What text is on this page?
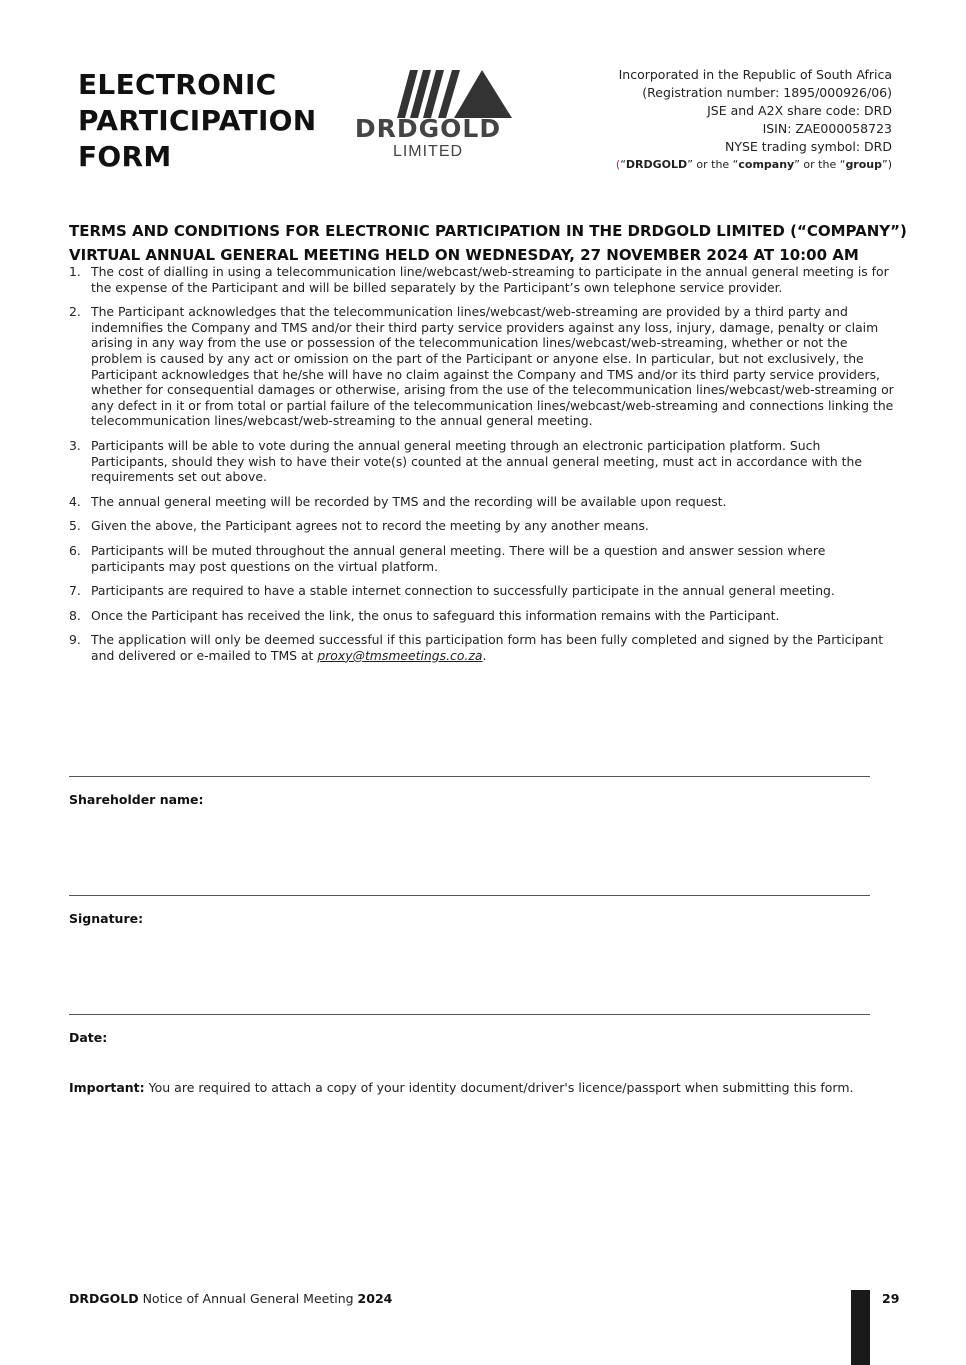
ELECTRONIC
PARTICIPATION
FORM
DRDGOLD
LIMITED
Incorporated in the Republic of South Africa
(Registration number: 1895/000926/06)
JSE and A2X share code: DRD
ISIN: ZAE000058723
NYSE trading symbol: DRD
(“DRDGOLD” or the “company” or the “group”)
TERMS AND CONDITIONS FOR ELECTRONIC PARTICIPATION IN THE DRDGOLD LIMITED (“COMPANY”)
VIRTUAL ANNUAL GENERAL MEETING HELD ON WEDNESDAY, 27 NOVEMBER 2024 AT 10:00 AM
1. The cost of dialling in using a telecommunication line/webcast/web-streaming to participate in the annual general meeting is for the expense of the Participant and will be billed separately by the Participant’s own telephone service provider.
2. The Participant acknowledges that the telecommunication lines/webcast/web-streaming are provided by a third party and indemnifies the Company and TMS and/or their third party service providers against any loss, injury, damage, penalty or claim arising in any way from the use or possession of the telecommunication lines/webcast/web-streaming, whether or not the problem is caused by any act or omission on the part of the Participant or anyone else. In particular, but not exclusively, the Participant acknowledges that he/she will have no claim against the Company and TMS and/or its third party service providers, whether for consequential damages or otherwise, arising from the use of the telecommunication lines/webcast/web-streaming or any defect in it or from total or partial failure of the telecommunication lines/webcast/web-streaming and connections linking the telecommunication lines/webcast/web-streaming to the annual general meeting.
3. Participants will be able to vote during the annual general meeting through an electronic participation platform. Such Participants, should they wish to have their vote(s) counted at the annual general meeting, must act in accordance with the requirements set out above.
4. The annual general meeting will be recorded by TMS and the recording will be available upon request.
5. Given the above, the Participant agrees not to record the meeting by any another means.
6. Participants will be muted throughout the annual general meeting. There will be a question and answer session where participants may post questions on the virtual platform.
7. Participants are required to have a stable internet connection to successfully participate in the annual general meeting.
8. Once the Participant has received the link, the onus to safeguard this information remains with the Participant.
9. The application will only be deemed successful if this participation form has been fully completed and signed by the Participant and delivered or e-mailed to TMS at proxy@tmsmeetings.co.za.
Shareholder name:
Signature:
Date:
Important: You are required to attach a copy of your identity document/driver's licence/passport when submitting this form.
DRDGOLD Notice of Annual General Meeting 2024	29
